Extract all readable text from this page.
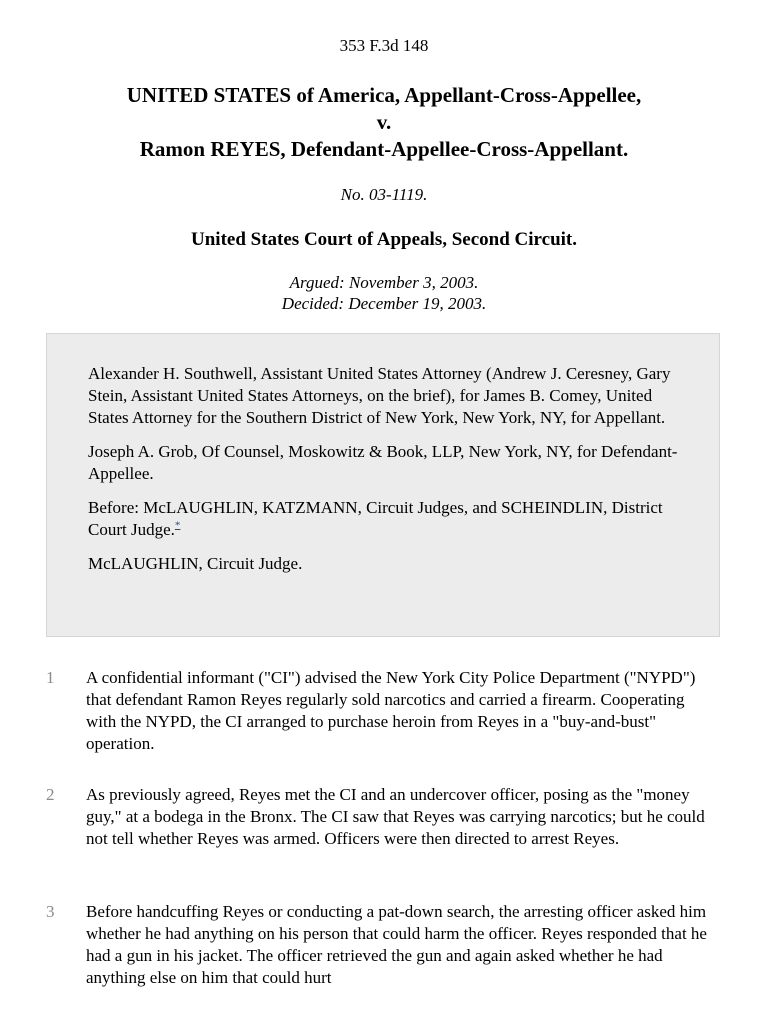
353 F.3d 148
UNITED STATES of America, Appellant-Cross-Appellee,
v.
Ramon REYES, Defendant-Appellee-Cross-Appellant.
No. 03-1119.
United States Court of Appeals, Second Circuit.
Argued: November 3, 2003.
Decided: December 19, 2003.

Alexander H. Southwell, Assistant United States Attorney (Andrew J. Ceresney, Gary Stein, Assistant United States Attorneys, on the brief), for James B. Comey, United States Attorney for the Southern District of New York, New York, NY, for Appellant.

Joseph A. Grob, Of Counsel, Moskowitz & Book, LLP, New York, NY, for Defendant-Appellee.

Before: McLAUGHLIN, KATZMANN, Circuit Judges, and SCHEINDLIN, District Court Judge.*

McLAUGHLIN, Circuit Judge.

1 A confidential informant ("CI") advised the New York City Police Department ("NYPD") that defendant Ramon Reyes regularly sold narcotics and carried a firearm. Cooperating with the NYPD, the CI arranged to purchase heroin from Reyes in a "buy-and-bust" operation.
2 As previously agreed, Reyes met the CI and an undercover officer, posing as the "money guy," at a bodega in the Bronx. The CI saw that Reyes was carrying narcotics; but he could not tell whether Reyes was armed. Officers were then directed to arrest Reyes.
3 Before handcuffing Reyes or conducting a pat-down search, the arresting officer asked him whether he had anything on his person that could harm the officer. Reyes responded that he had a gun in his jacket. The officer retrieved the gun and again asked whether he had anything else on him that could hurt
